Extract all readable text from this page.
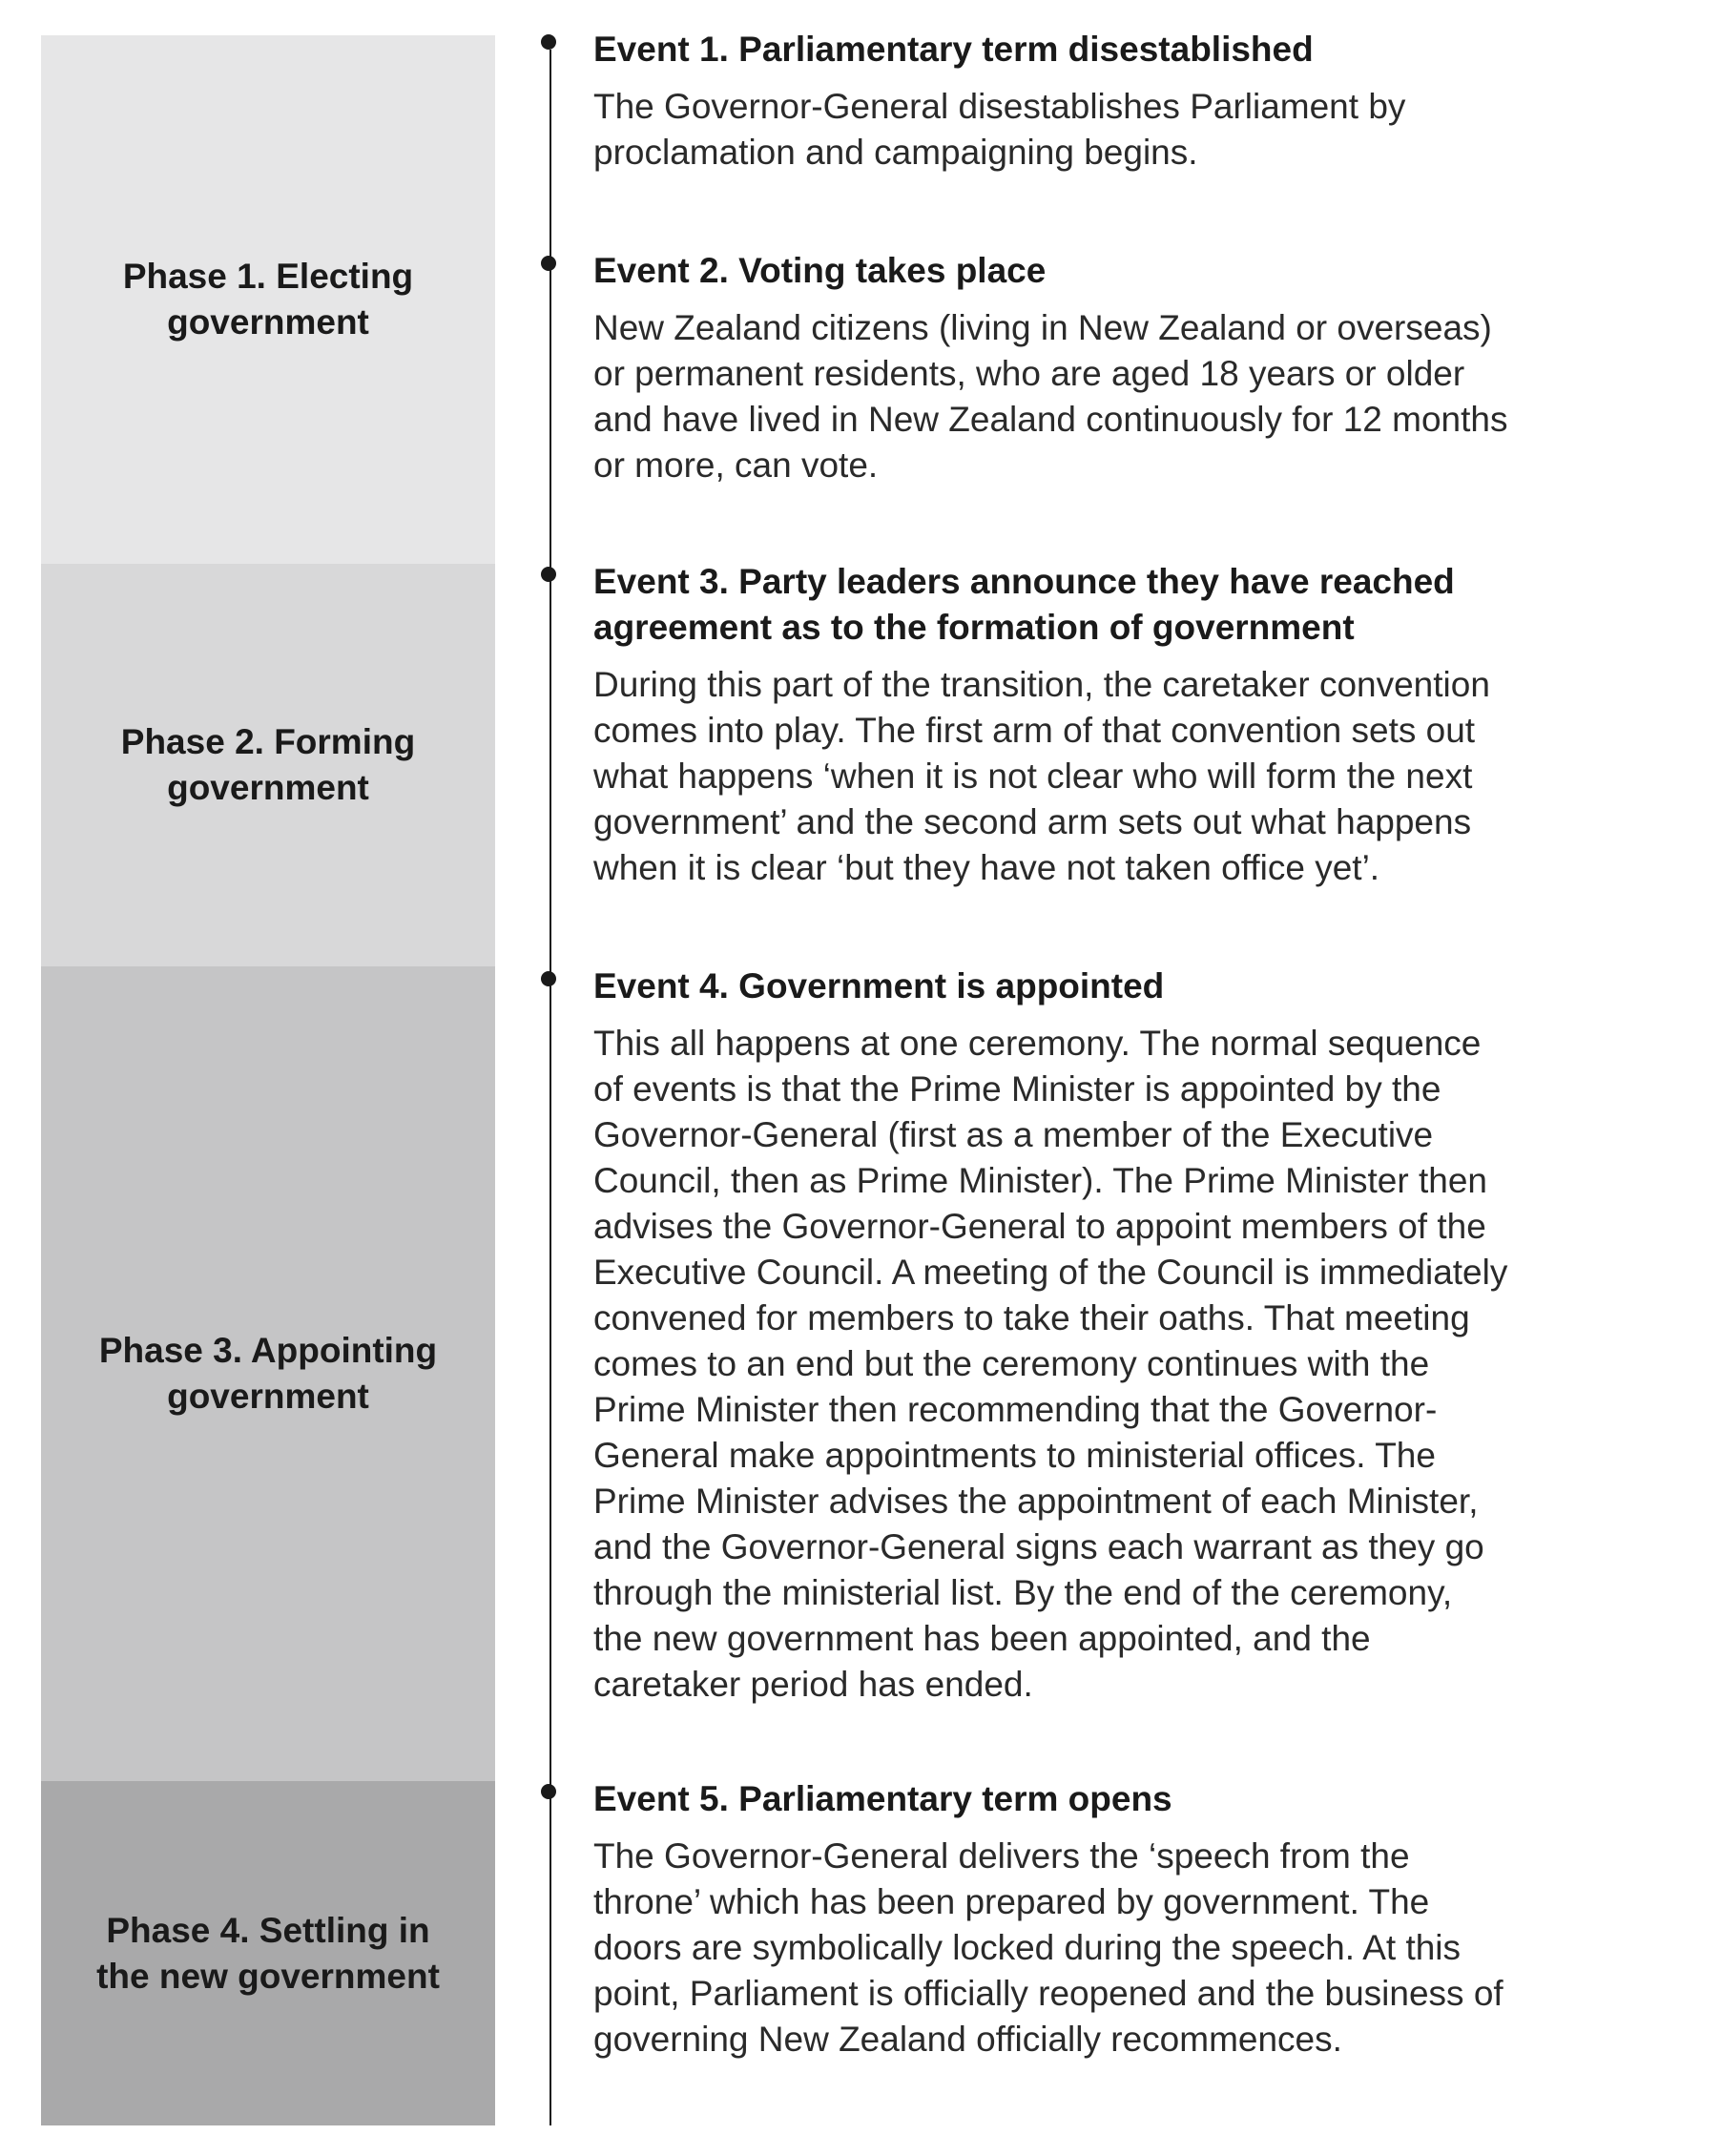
Phase 1. Electing
government
Phase 2. Forming
government
Phase 3. Appointing
government
Phase 4. Settling in
the new government

Event 1. Parliamentary term disestablished

The Governor-General disestablishes Parliament by
proclamation and campaigning begins.

Event 2. Voting takes place

New Zealand citizens (living in New Zealand or overseas)
or permanent residents, who are aged 18 years or older
and have lived in New Zealand continuously for 12 months
or more, can vote.

Event 3. Party leaders announce they have reached
agreement as to the formation of government

During this part of the transition, the caretaker convention
comes into play. The first arm of that convention sets out
what happens ‘when it is not clear who will form the next
government’ and the second arm sets out what happens
when it is clear ‘but they have not taken office yet’.

Event 4. Government is appointed

This all happens at one ceremony. The normal sequence
of events is that the Prime Minister is appointed by the
Governor-General (first as a member of the Executive
Council, then as Prime Minister). The Prime Minister then
advises the Governor-General to appoint members of the
Executive Council. A meeting of the Council is immediately
convened for members to take their oaths. That meeting
comes to an end but the ceremony continues with the
Prime Minister then recommending that the Governor-
General make appointments to ministerial offices. The
Prime Minister advises the appointment of each Minister,
and the Governor-General signs each warrant as they go
through the ministerial list. By the end of the ceremony,
the new government has been appointed, and the
caretaker period has ended.

Event 5. Parliamentary term opens

The Governor-General delivers the ‘speech from the
throne’ which has been prepared by government. The
doors are symbolically locked during the speech. At this
point, Parliament is officially reopened and the business of
governing New Zealand officially recommences.
